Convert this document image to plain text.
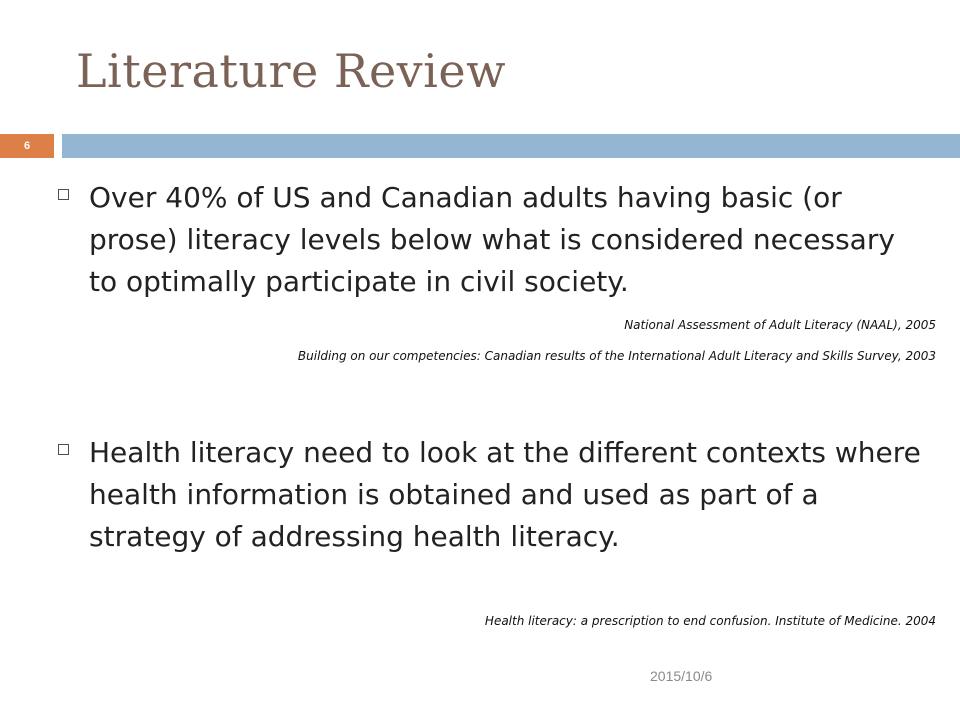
Literature Review
6
Over 40% of US and Canadian adults having basic (or prose) literacy levels below what is considered necessary to optimally participate in civil society.
National Assessment of Adult Literacy (NAAL), 2005
Building on our competencies: Canadian results of the International Adult Literacy and Skills Survey, 2003
Health literacy need to look at the different contexts where health information is obtained and used as part of a strategy of addressing health literacy.
Health literacy: a prescription to end confusion. Institute of Medicine. 2004
2015/10/6
